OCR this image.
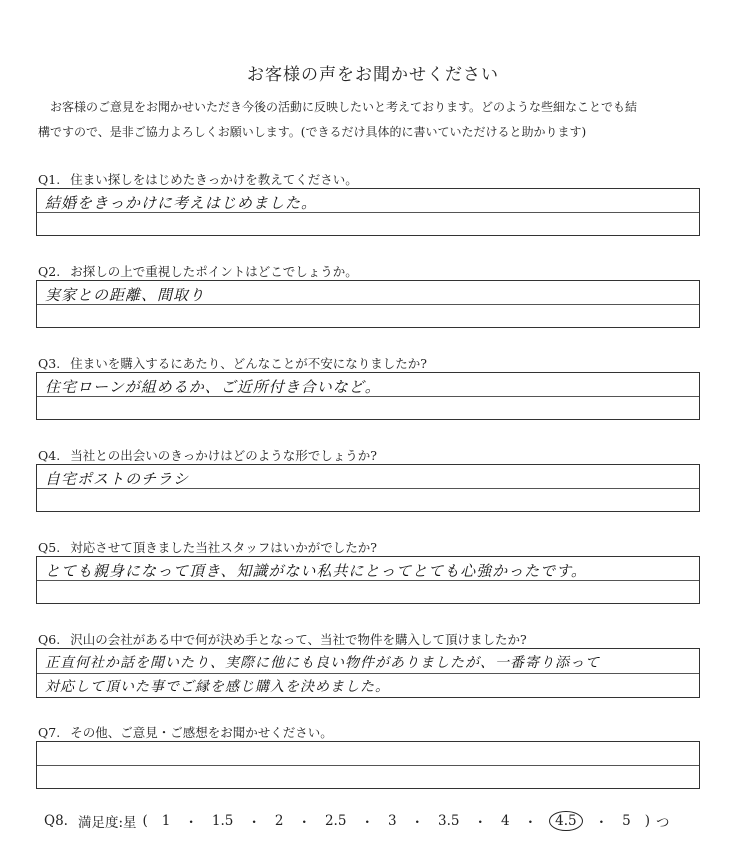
お客様の声をお聞かせください
お客様のご意見をお聞かせいただき今後の活動に反映したいと考えております。どのような些細なことでも結
構ですので、是非ご協力よろしくお願いします。(できるだけ具体的に書いていただけると助かります)
Q1. 住まい探しをはじめたきっかけを教えてください。
結婚をきっかけに考えはじめました。
Q2. お探しの上で重視したポイントはどこでしょうか。
実家との距離、間取り
Q3. 住まいを購入するにあたり、どんなことが不安になりましたか?
住宅ローンが組めるか、ご近所付き合いなど。
Q4. 当社との出会いのきっかけはどのような形でしょうか?
自宅ポストのチラシ
Q5. 対応させて頂きました当社スタッフはいかがでしたか?
とても親身になって頂き、知識がない私共にとってとても心強かったです。
Q6. 沢山の会社がある中で何が決め手となって、当社で物件を購入して頂けましたか?
正直何社か話を聞いたり、実際に他にも良い物件がありましたが、一番寄り添って
対応して頂いた事でご縁を感じ購入を決めました。
Q7. その他、ご意見・ご感想をお聞かせください。
Q8. 満足度:星 ( 1 ・ 1.5 ・ 2 ・ 2.5 ・ 3 ・ 3.5 ・ 4 ・	4.5	・ 5 ) つ
